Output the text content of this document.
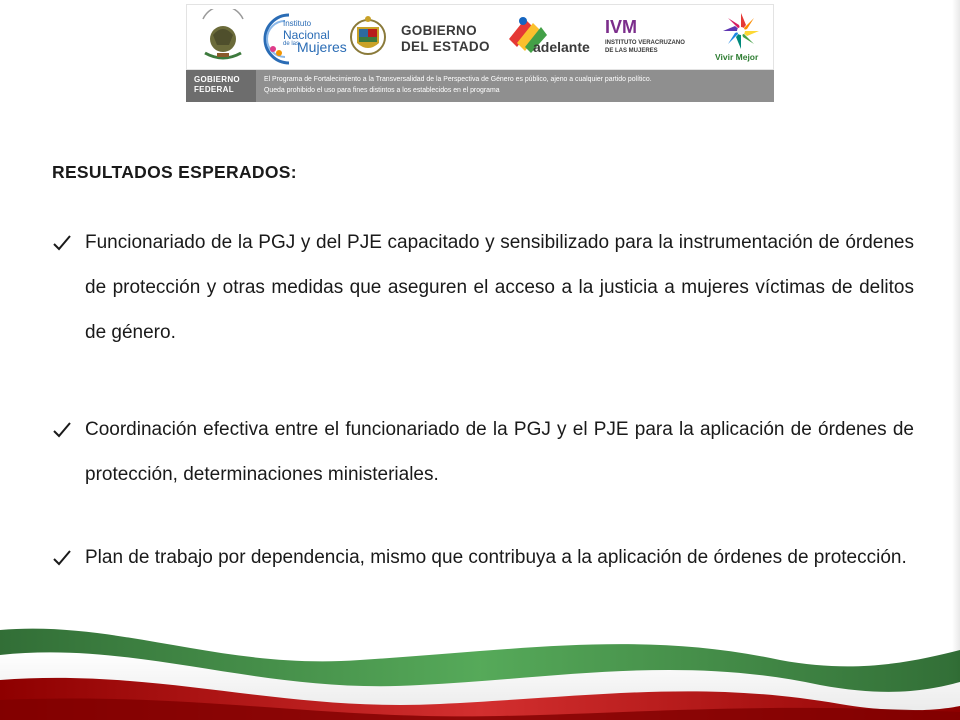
Instituto
Nacional
de las
Mujeres
GOBIERNO
DEL ESTADO	adelante
IVM
INSTITUTO VERACRUZANO
DE LAS MUJERES
Vivir Mejor
GOBIERNO
FEDERAL
El Programa de Fortalecimiento a la Transversalidad de la Perspectiva de Género es público, ajeno a cualquier partido político.
Queda prohibido el uso para fines distintos a los establecidos en el programa
RESULTADOS ESPERADOS:
Funcionariado de la PGJ y del PJE capacitado y sensibilizado para la instrumentación de órdenes de protección y otras medidas que aseguren el acceso a la justicia a mujeres víctimas de delitos de género.
Coordinación efectiva entre el funcionariado de la PGJ y el PJE para la aplicación de órdenes de protección, determinaciones ministeriales.
Plan de trabajo por dependencia, mismo que contribuya a la aplicación de órdenes de protección.
